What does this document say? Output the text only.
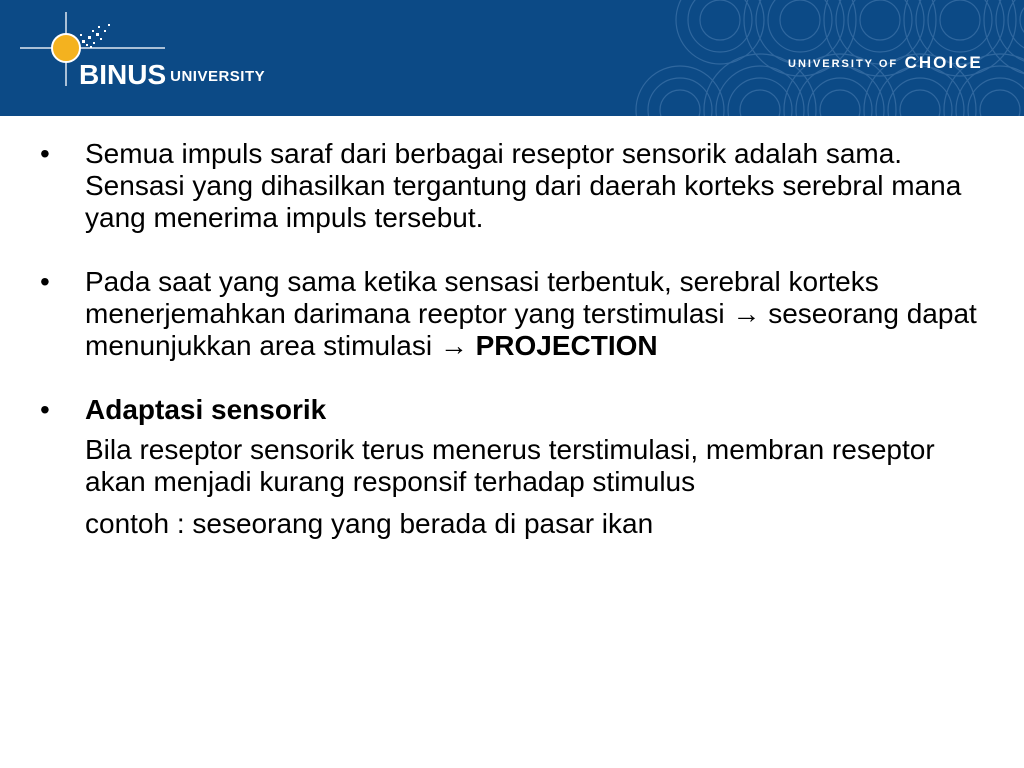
BINUS UNIVERSITY
UNIVERSITY OF CHOICE
•	Semua impuls saraf dari berbagai reseptor sensorik adalah sama. Sensasi yang dihasilkan tergantung dari daerah korteks serebral mana yang menerima impuls tersebut.
•	Pada saat yang sama ketika sensasi terbentuk, serebral korteks menerjemahkan darimana reeptor yang terstimulasi → seseorang dapat menunjukkan area stimulasi → PROJECTION
•	Adaptasi sensorik
Bila reseptor sensorik terus menerus terstimulasi, membran reseptor akan menjadi kurang responsif terhadap stimulus
contoh : seseorang yang berada di pasar ikan
